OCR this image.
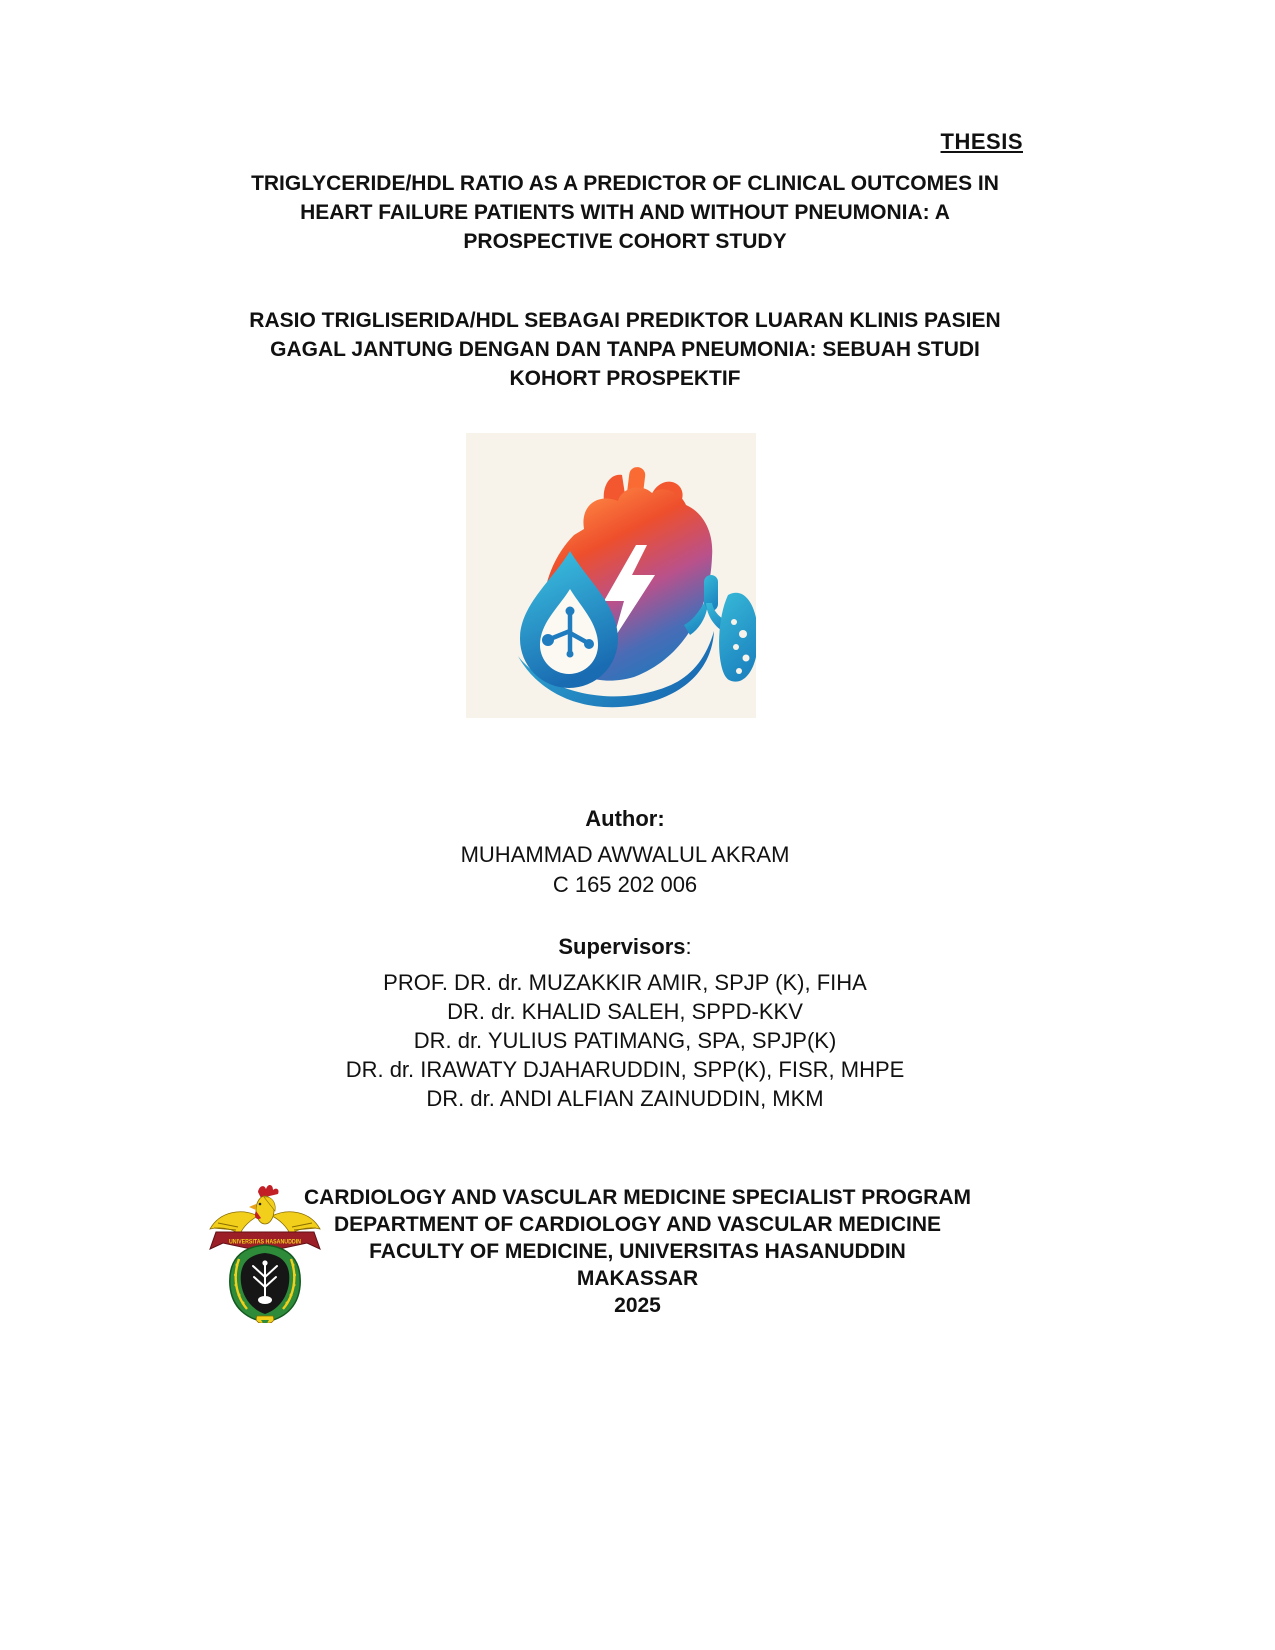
THESIS
TRIGLYCERIDE/HDL RATIO AS A PREDICTOR OF CLINICAL OUTCOMES IN
HEART FAILURE PATIENTS WITH AND WITHOUT PNEUMONIA: A
PROSPECTIVE COHORT STUDY
RASIO TRIGLISERIDA/HDL SEBAGAI PREDIKTOR LUARAN KLINIS PASIEN
GAGAL JANTUNG DENGAN DAN TANPA PNEUMONIA: SEBUAH STUDI
KOHORT PROSPEKTIF
Author:
MUHAMMAD AWWALUL AKRAM
C 165 202 006
Supervisors:
PROF. DR. dr. MUZAKKIR AMIR, SPJP (K), FIHA
DR. dr. KHALID SALEH, SPPD-KKV
DR. dr. YULIUS PATIMANG, SPA, SPJP(K)
DR. dr. IRAWATY DJAHARUDDIN, SPP(K), FISR, MHPE
DR. dr. ANDI ALFIAN ZAINUDDIN, MKM
UNIVERSITAS HASANUDDIN
CARDIOLOGY AND VASCULAR MEDICINE SPECIALIST PROGRAM
DEPARTMENT OF CARDIOLOGY AND VASCULAR MEDICINE
FACULTY OF MEDICINE, UNIVERSITAS HASANUDDIN
MAKASSAR
2025
